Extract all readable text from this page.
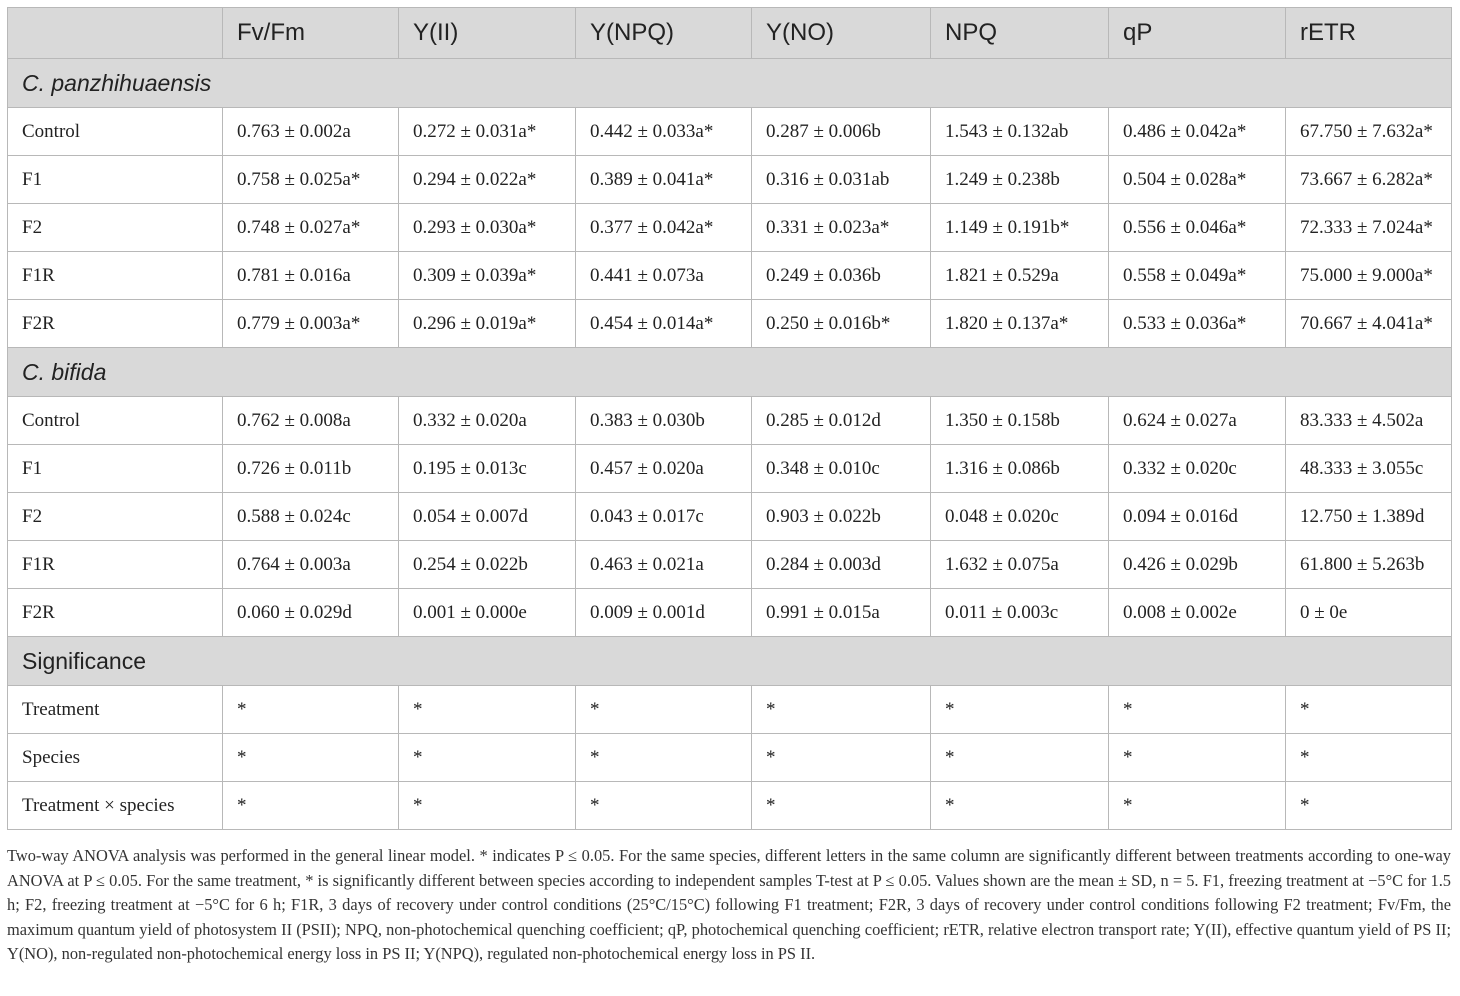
	Fv/Fm	Y(II)	Y(NPQ)	Y(NO)	NPQ	qP	rETR
C. panzhihuaensis							
Control	0.763 ± 0.002a	0.272 ± 0.031a*	0.442 ± 0.033a*	0.287 ± 0.006b	1.543 ± 0.132ab	0.486 ± 0.042a*	67.750 ± 7.632a*
F1	0.758 ± 0.025a*	0.294 ± 0.022a*	0.389 ± 0.041a*	0.316 ± 0.031ab	1.249 ± 0.238b	0.504 ± 0.028a*	73.667 ± 6.282a*
F2	0.748 ± 0.027a*	0.293 ± 0.030a*	0.377 ± 0.042a*	0.331 ± 0.023a*	1.149 ± 0.191b*	0.556 ± 0.046a*	72.333 ± 7.024a*
F1R	0.781 ± 0.016a	0.309 ± 0.039a*	0.441 ± 0.073a	0.249 ± 0.036b	1.821 ± 0.529a	0.558 ± 0.049a*	75.000 ± 9.000a*
F2R	0.779 ± 0.003a*	0.296 ± 0.019a*	0.454 ± 0.014a*	0.250 ± 0.016b*	1.820 ± 0.137a*	0.533 ± 0.036a*	70.667 ± 4.041a*
C. bifida							
Control	0.762 ± 0.008a	0.332 ± 0.020a	0.383 ± 0.030b	0.285 ± 0.012d	1.350 ± 0.158b	0.624 ± 0.027a	83.333 ± 4.502a
F1	0.726 ± 0.011b	0.195 ± 0.013c	0.457 ± 0.020a	0.348 ± 0.010c	1.316 ± 0.086b	0.332 ± 0.020c	48.333 ± 3.055c
F2	0.588 ± 0.024c	0.054 ± 0.007d	0.043 ± 0.017c	0.903 ± 0.022b	0.048 ± 0.020c	0.094 ± 0.016d	12.750 ± 1.389d
F1R	0.764 ± 0.003a	0.254 ± 0.022b	0.463 ± 0.021a	0.284 ± 0.003d	1.632 ± 0.075a	0.426 ± 0.029b	61.800 ± 5.263b
F2R	0.060 ± 0.029d	0.001 ± 0.000e	0.009 ± 0.001d	0.991 ± 0.015a	0.011 ± 0.003c	0.008 ± 0.002e	0 ± 0e
Significance							
Treatment	*	*	*	*	*	*	*
Species	*	*	*	*	*	*	*
Treatment × species	*	*	*	*	*	*	*
Two-way ANOVA analysis was performed in the general linear model. * indicates P ≤ 0.05. For the same species, different letters in the same column are significantly different between treatments according to one-way ANOVA at P ≤ 0.05. For the same treatment, * is significantly different between species according to independent samples T-test at P ≤ 0.05. Values shown are the mean ± SD, n = 5. F1, freezing treatment at −5°C for 1.5 h; F2, freezing treatment at −5°C for 6 h; F1R, 3 days of recovery under control conditions (25°C/15°C) following F1 treatment; F2R, 3 days of recovery under control conditions following F2 treatment; Fv/Fm, the maximum quantum yield of photosystem II (PSII); NPQ, non-photochemical quenching coefficient; qP, photochemical quenching coefficient; rETR, relative electron transport rate; Y(II), effective quantum yield of PS II; Y(NO), non-regulated non-photochemical energy loss in PS II; Y(NPQ), regulated non-photochemical energy loss in PS II.
